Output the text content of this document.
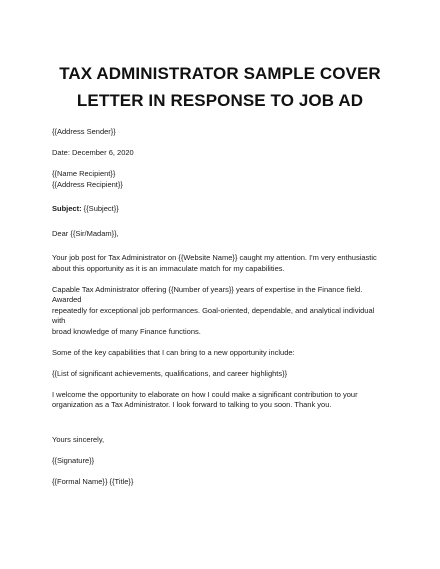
TAX ADMINISTRATOR SAMPLE COVER
LETTER IN RESPONSE TO JOB AD

{{Address Sender}}

Date: December 6, 2020

{{Name Recipient}}

{{Address Recipient}}

Subject: {{Subject}}

Dear {{Sir/Madam}},

Your job post for Tax Administrator on {{Website Name}} caught my attention. I'm very enthusiastic

about this opportunity as it is an immaculate match for my capabilities.

Capable Tax Administrator offering {{Number of years}} years of expertise in the Finance field. Awarded

repeatedly for exceptional job performances. Goal-oriented, dependable, and analytical individual with

broad knowledge of many Finance functions.

Some of the key capabilities that I can bring to a new opportunity include:

{{List of significant achievements, qualifications, and career highlights}}

I welcome the opportunity to elaborate on how I could make a significant contribution to your

organization as a Tax Administrator. I look forward to talking to you soon. Thank you.

Yours sincerely,

{{Signature}}

{{Formal Name}} {{Title}}
